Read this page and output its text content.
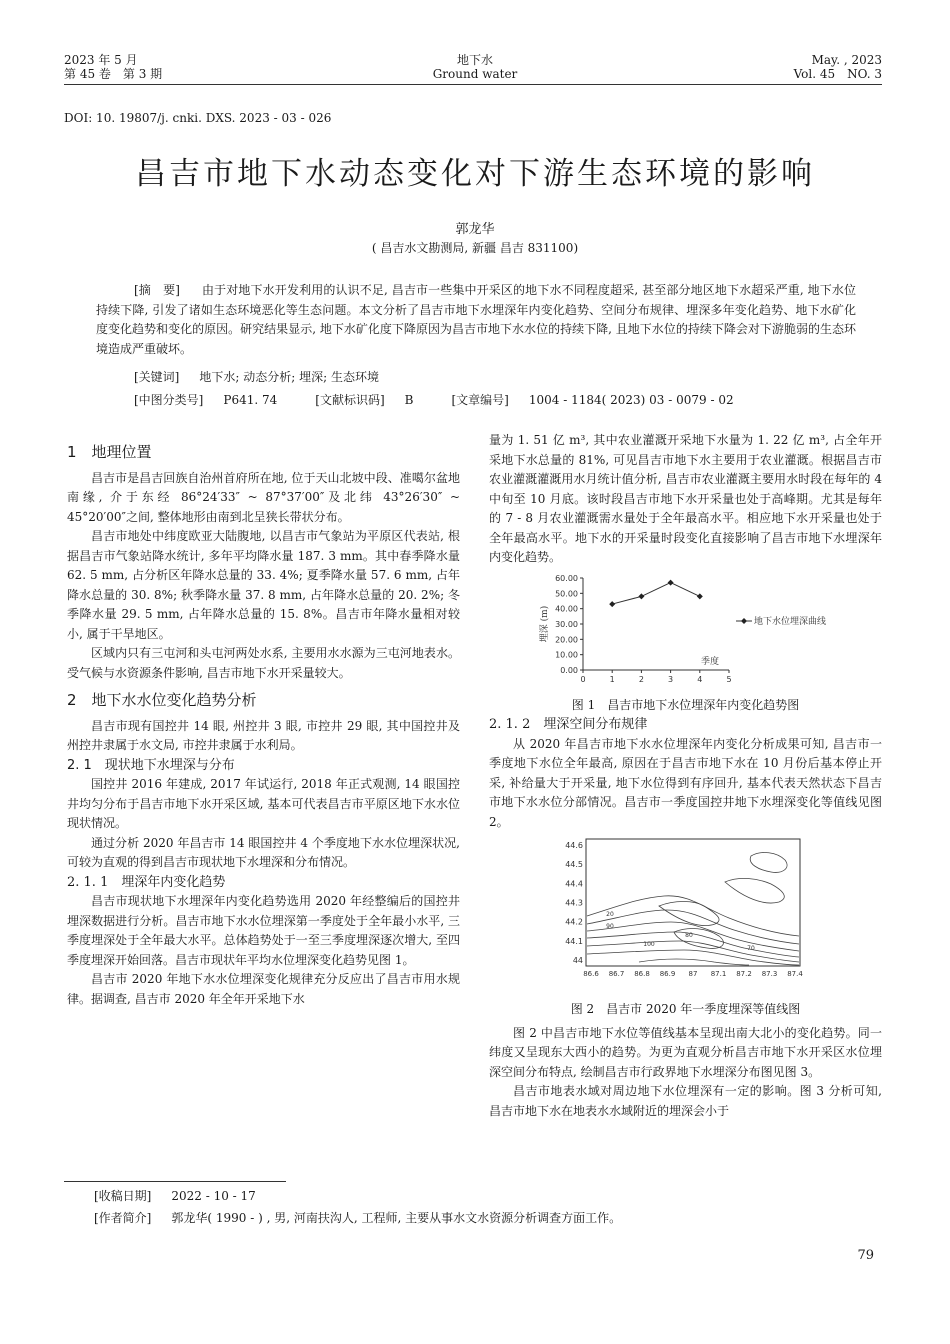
2023 年 5 月
第 45 卷　第 3 期
地下水
Ground water
May. , 2023
Vol. 45　NO. 3
DOI: 10. 19807/j. cnki. DXS. 2023 - 03 - 026
昌吉市地下水动态变化对下游生态环境的影响
郭龙华
( 昌吉水文勘测局, 新疆 昌吉 831100)
[摘　要] 由于对地下水开发利用的认识不足, 昌吉市一些集中开采区的地下水不同程度超采, 甚至部分地区地下水超采严重, 地下水位持续下降, 引发了诸如生态环境恶化等生态问题。本文分析了昌吉市地下水埋深年内变化趋势、空间分布规律、埋深多年变化趋势、地下水矿化度变化趋势和变化的原因。研究结果显示, 地下水矿化度下降原因为昌吉市地下水水位的持续下降, 且地下水位的持续下降会对下游脆弱的生态环境造成严重破坏。
[关键词] 地下水; 动态分析; 埋深; 生态环境
[中图分类号] P641. 74	[文献标识码] B	[文章编号] 1004 - 1184( 2023) 03 - 0079 - 02

1　地理位置

昌吉市是昌吉回族自治州首府所在地, 位于天山北坡中段、准噶尔盆地南缘, 介于东经 86°24′33″ ~ 87°37′00″及北纬 43°26′30″ ~ 45°20′00″之间, 整体地形由南到北呈狭长带状分布。

昌吉市地处中纬度欧亚大陆腹地, 以昌吉市气象站为平原区代表站, 根据昌吉市气象站降水统计, 多年平均降水量 187. 3 mm。其中春季降水量 62. 5 mm, 占分析区年降水总量的 33. 4%; 夏季降水量 57. 6 mm, 占年降水总量的 30. 8%; 秋季降水量 37. 8 mm, 占年降水总量的 20. 2%; 冬季降水量 29. 5 mm, 占年降水总量的 15. 8%。昌吉市年降水量相对较小, 属于干旱地区。

区域内只有三屯河和头屯河两处水系, 主要用水水源为三屯河地表水。受气候与水资源条件影响, 昌吉市地下水开采量较大。

2　地下水水位变化趋势分析

昌吉市现有国控井 14 眼, 州控井 3 眼, 市控井 29 眼, 其中国控井及州控井隶属于水文局, 市控井隶属于水利局。

2. 1　现状地下水埋深与分布

国控井 2016 年建成, 2017 年试运行, 2018 年正式观测, 14 眼国控井均匀分布于昌吉市地下水开采区域, 基本可代表昌吉市平原区地下水水位现状情况。

通过分析 2020 年昌吉市 14 眼国控井 4 个季度地下水水位埋深状况, 可较为直观的得到昌吉市现状地下水埋深和分布情况。

2. 1. 1　埋深年内变化趋势

昌吉市现状地下水埋深年内变化趋势选用 2020 年经整编后的国控井埋深数据进行分析。昌吉市地下水水位埋深第一季度处于全年最小水平, 三季度埋深处于全年最大水平。总体趋势处于一至三季度埋深逐次增大, 至四季度埋深开始回落。昌吉市现状年平均水位埋深变化趋势见图 1。

昌吉市 2020 年地下水水位埋深变化规律充分反应出了昌吉市用水规律。据调查, 昌吉市 2020 年全年开采地下水

量为 1. 51 亿 m³, 其中农业灌溉开采地下水量为 1. 22 亿 m³, 占全年开采地下水总量的 81%, 可见昌吉市地下水主要用于农业灌溉。根据昌吉市农业灌溉灌溉用水月统计值分析, 昌吉市农业灌溉主要用水时段在每年的 4 中旬至 10 月底。该时段昌吉市地下水开采量也处于高峰期。尤其是每年的 7 - 8 月农业灌溉需水量处于全年最高水平。相应地下水开采量也处于全年最高水平。地下水的开采量时段变化直接影响了昌吉市地下水埋深年内变化趋势。

0.00
10.00
20.00
30.00
40.00
50.00
60.00
0	1	2	3	4	5
埋深 (m)
季度
地下水位埋深曲线

图 1　昌吉市地下水位埋深年内变化趋势图

2. 1. 2　埋深空间分布规律

从 2020 年昌吉市地下水水位埋深年内变化分析成果可知, 昌吉市一季度地下水位全年最高, 原因在于昌吉市地下水在 10 月份后基本停止开采, 补给量大于开采量, 地下水位得到有序回升, 基本代表天然状态下昌吉市地下水水位分部情况。昌吉市一季度国控井地下水埋深变化等值线见图 2。

44
44.1
44.2
44.3
44.4
44.5
44.6
86.6 86.7 86.8 86.9 87 87.1 87.2 87.3 87.4
20
90
100
80
70

图 2　昌吉市 2020 年一季度埋深等值线图

图 2 中昌吉市地下水位等值线基本呈现出南大北小的变化趋势。同一纬度又呈现东大西小的趋势。为更为直观分析昌吉市地下水开采区水位埋深空间分布特点, 绘制昌吉市行政界地下水埋深分布图见图 3。

昌吉市地表水域对周边地下水位埋深有一定的影响。图 3 分析可知, 昌吉市地下水在地表水水域附近的埋深会小于

[收稿日期] 2022 - 10 - 17
[作者简介] 郭龙华( 1990 - ) , 男, 河南扶沟人, 工程师, 主要从事水文水资源分析调查方面工作。
79
